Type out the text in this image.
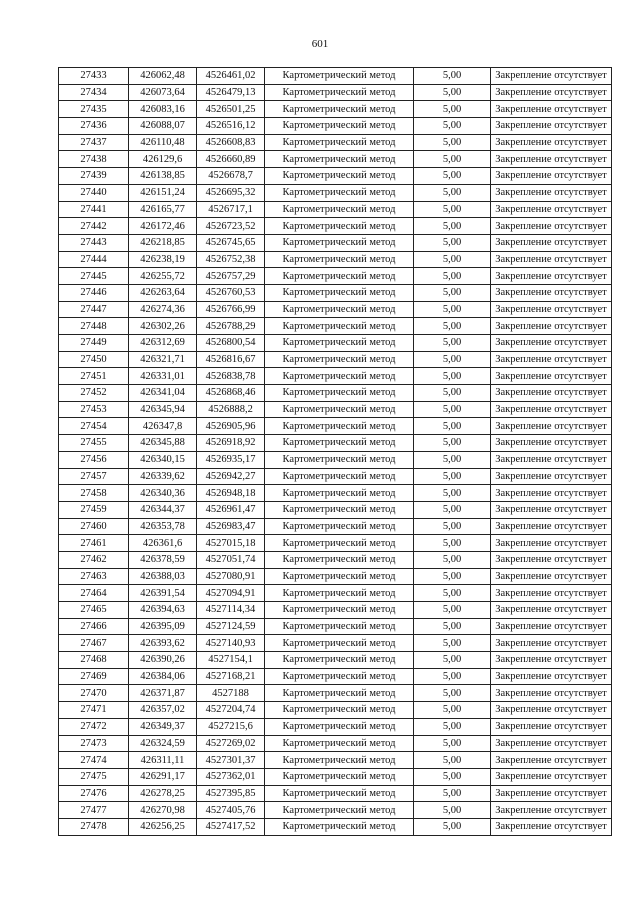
601
27433	426062,48	4526461,02	Картометрический метод	5,00	Закрепление отсутствует
27434	426073,64	4526479,13	Картометрический метод	5,00	Закрепление отсутствует
27435	426083,16	4526501,25	Картометрический метод	5,00	Закрепление отсутствует
27436	426088,07	4526516,12	Картометрический метод	5,00	Закрепление отсутствует
27437	426110,48	4526608,83	Картометрический метод	5,00	Закрепление отсутствует
27438	426129,6	4526660,89	Картометрический метод	5,00	Закрепление отсутствует
27439	426138,85	4526678,7	Картометрический метод	5,00	Закрепление отсутствует
27440	426151,24	4526695,32	Картометрический метод	5,00	Закрепление отсутствует
27441	426165,77	4526717,1	Картометрический метод	5,00	Закрепление отсутствует
27442	426172,46	4526723,52	Картометрический метод	5,00	Закрепление отсутствует
27443	426218,85	4526745,65	Картометрический метод	5,00	Закрепление отсутствует
27444	426238,19	4526752,38	Картометрический метод	5,00	Закрепление отсутствует
27445	426255,72	4526757,29	Картометрический метод	5,00	Закрепление отсутствует
27446	426263,64	4526760,53	Картометрический метод	5,00	Закрепление отсутствует
27447	426274,36	4526766,99	Картометрический метод	5,00	Закрепление отсутствует
27448	426302,26	4526788,29	Картометрический метод	5,00	Закрепление отсутствует
27449	426312,69	4526800,54	Картометрический метод	5,00	Закрепление отсутствует
27450	426321,71	4526816,67	Картометрический метод	5,00	Закрепление отсутствует
27451	426331,01	4526838,78	Картометрический метод	5,00	Закрепление отсутствует
27452	426341,04	4526868,46	Картометрический метод	5,00	Закрепление отсутствует
27453	426345,94	4526888,2	Картометрический метод	5,00	Закрепление отсутствует
27454	426347,8	4526905,96	Картометрический метод	5,00	Закрепление отсутствует
27455	426345,88	4526918,92	Картометрический метод	5,00	Закрепление отсутствует
27456	426340,15	4526935,17	Картометрический метод	5,00	Закрепление отсутствует
27457	426339,62	4526942,27	Картометрический метод	5,00	Закрепление отсутствует
27458	426340,36	4526948,18	Картометрический метод	5,00	Закрепление отсутствует
27459	426344,37	4526961,47	Картометрический метод	5,00	Закрепление отсутствует
27460	426353,78	4526983,47	Картометрический метод	5,00	Закрепление отсутствует
27461	426361,6	4527015,18	Картометрический метод	5,00	Закрепление отсутствует
27462	426378,59	4527051,74	Картометрический метод	5,00	Закрепление отсутствует
27463	426388,03	4527080,91	Картометрический метод	5,00	Закрепление отсутствует
27464	426391,54	4527094,91	Картометрический метод	5,00	Закрепление отсутствует
27465	426394,63	4527114,34	Картометрический метод	5,00	Закрепление отсутствует
27466	426395,09	4527124,59	Картометрический метод	5,00	Закрепление отсутствует
27467	426393,62	4527140,93	Картометрический метод	5,00	Закрепление отсутствует
27468	426390,26	4527154,1	Картометрический метод	5,00	Закрепление отсутствует
27469	426384,06	4527168,21	Картометрический метод	5,00	Закрепление отсутствует
27470	426371,87	4527188	Картометрический метод	5,00	Закрепление отсутствует
27471	426357,02	4527204,74	Картометрический метод	5,00	Закрепление отсутствует
27472	426349,37	4527215,6	Картометрический метод	5,00	Закрепление отсутствует
27473	426324,59	4527269,02	Картометрический метод	5,00	Закрепление отсутствует
27474	426311,11	4527301,37	Картометрический метод	5,00	Закрепление отсутствует
27475	426291,17	4527362,01	Картометрический метод	5,00	Закрепление отсутствует
27476	426278,25	4527395,85	Картометрический метод	5,00	Закрепление отсутствует
27477	426270,98	4527405,76	Картометрический метод	5,00	Закрепление отсутствует
27478	426256,25	4527417,52	Картометрический метод	5,00	Закрепление отсутствует
